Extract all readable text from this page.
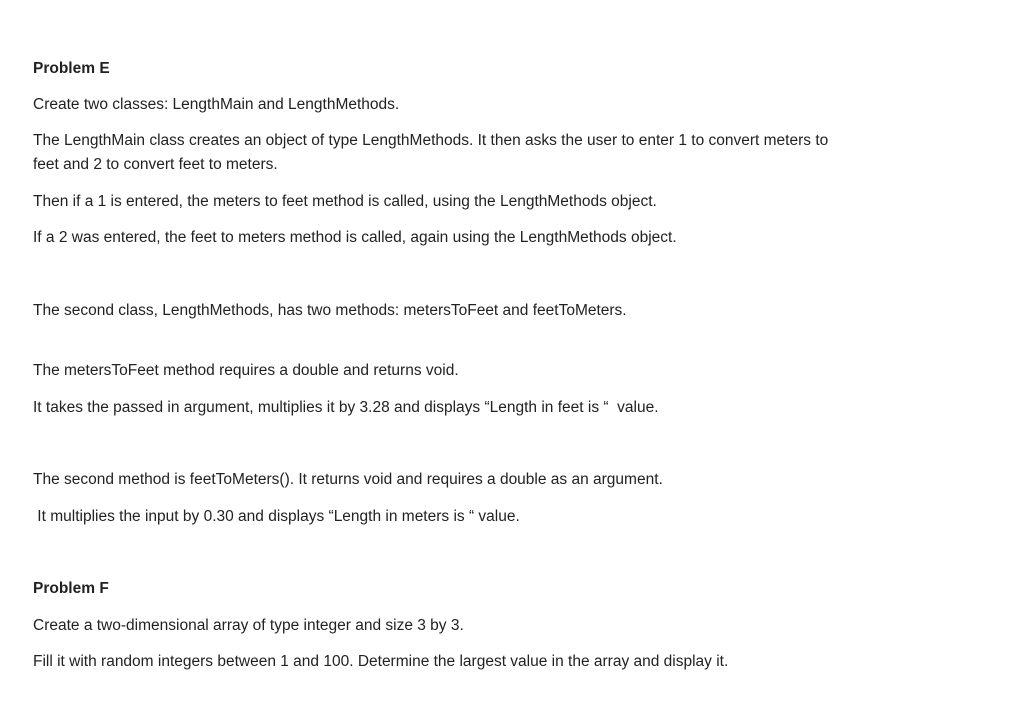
Problem E
Create two classes: LengthMain and LengthMethods.
The LengthMain class creates an object of type LengthMethods. It then asks the user to enter 1 to convert meters to
feet and 2 to convert feet to meters.
Then if a 1 is entered, the meters to feet method is called, using the LengthMethods object.
If a 2 was entered, the feet to meters method is called, again using the LengthMethods object.
The second class, LengthMethods, has two methods: metersToFeet and feetToMeters.
The metersToFeet method requires a double and returns void.
It takes the passed in argument, multiplies it by 3.28 and displays “Length in feet is “  value.
The second method is feetToMeters(). It returns void and requires a double as an argument.
It multiplies the input by 0.30 and displays “Length in meters is “ value.
Problem F
Create a two-dimensional array of type integer and size 3 by 3.
Fill it with random integers between 1 and 100. Determine the largest value in the array and display it.
